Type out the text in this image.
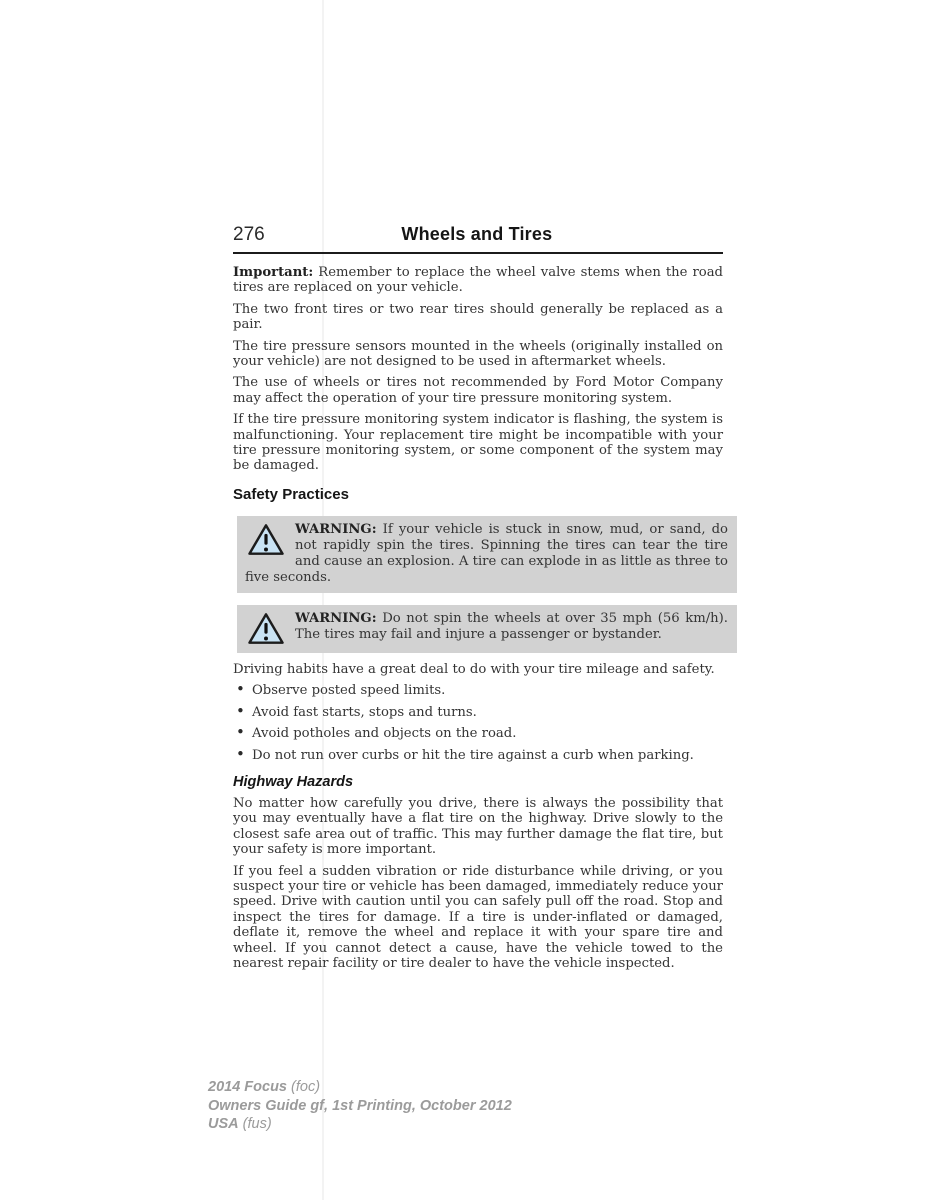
276	Wheels and Tires

Important: Remember to replace the wheel valve stems when the road tires are replaced on your vehicle.

The two front tires or two rear tires should generally be replaced as a pair.

The tire pressure sensors mounted in the wheels (originally installed on your vehicle) are not designed to be used in aftermarket wheels.

The use of wheels or tires not recommended by Ford Motor Company may affect the operation of your tire pressure monitoring system.

If the tire pressure monitoring system indicator is flashing, the system is malfunctioning. Your replacement tire might be incompatible with your tire pressure monitoring system, or some component of the system may be damaged.

Safety Practices
WARNING: If your vehicle is stuck in snow, mud, or sand, do not rapidly spin the tires. Spinning the tires can tear the tire and cause an explosion. A tire can explode in as little as three to five seconds.
WARNING: Do not spin the wheels at over 35 mph (56 km/h). The tires may fail and injure a passenger or bystander.

Driving habits have a great deal to do with your tire mileage and safety.

• Observe posted speed limits.
• Avoid fast starts, stops and turns.
• Avoid potholes and objects on the road.
• Do not run over curbs or hit the tire against a curb when parking.
Highway Hazards

No matter how carefully you drive, there is always the possibility that you may eventually have a flat tire on the highway. Drive slowly to the closest safe area out of traffic. This may further damage the flat tire, but your safety is more important.

If you feel a sudden vibration or ride disturbance while driving, or you suspect your tire or vehicle has been damaged, immediately reduce your speed. Drive with caution until you can safely pull off the road. Stop and inspect the tires for damage. If a tire is under-inflated or damaged, deflate it, remove the wheel and replace it with your spare tire and wheel. If you cannot detect a cause, have the vehicle towed to the nearest repair facility or tire dealer to have the vehicle inspected.

2014 Focus (foc)
Owners Guide gf, 1st Printing, October 2012
USA (fus)
